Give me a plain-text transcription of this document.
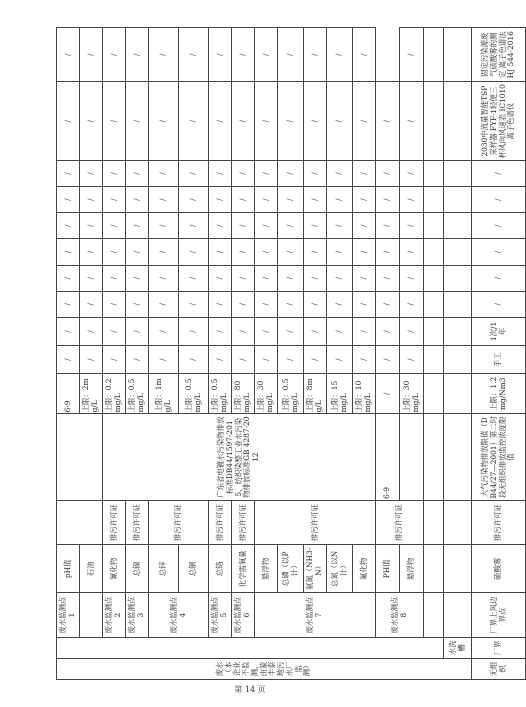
废水（本企业不监测，由蒙丰泰地污水厂监测）		废水监测点1	pH值			6-9	/	/	/	/	/	/	/	/	/	/
			石油			上限：2mg/L	/	/	/	/	/	/	/	/	/	/
		废水监测点2	氰化物	排污许可证	广东省电镀水污染物排放标准DB44/1597-2015、纺织染整工业水污染物排放标准GB 4287-2012	上限：0.2mg/L	/	/	/	/	/	/	/	/	/	/
		废水监测点3	总镍	排污许可证		上限：0.5mg/L	/	/	/	/	/	/	/	/	/	/
		废水监测点4	总锌	排污许可证		上限：1mg/L	/	/	/	/	/	/	/	/	/	/
			总铜			上限：0.5mg/L	/	/	/	/	/	/	/	/	/	/
		废水监测点5	总铬	排污许可证		上限：0.5mg/L	/	/	/	/	/	/	/	/	/	/
		废水监测点6	化学需氧量	排污许可证		上限：80mg/L	/	/	/	/	/	/	/	/	/	/
		废水监测点7	悬浮物	排污许可证		上限：30mg/L	/	/	/	/	/	/	/	/	/	/
			总磷（以P计）			上限：0.5mg/L	/	/	/	/	/	/	/	/	/	/
			氨氮（NH3-N）			上限：8mg/L	/	/	/	/	/	/	/	/	/	/
			总氮（以N计）			上限：15mg/L	/	/	/	/	/	/	/	/	/	/
			氟化物			上限：10mg/L	/	/	/	/	/	/	/	/	/	/
		废水监测点8	PH值	排污许可证	6-9	/	/	/	/	/	/	/	/	/	/	
			悬浮物			上限：30mg/L	/	/	/	/	/	/	/	/	/	/

	水洗槽															
无组织	厂界	厂界上风边界点	硫酸雾	排污许可证	大气污染物排放限值（DB44/27—2001）第二时段无组织排放监控浓度限值	上限：1.2mg/Nm3	手工	1次/1年	/	/	/	/	/	/	2030中流量智能TSP采样器 FYF-1轻便三杯风向风速表 IC1010离子色谱仪	固定污染源废气硫酸雾的测定 离子色谱法 HJ 544-2016
第 14 页
